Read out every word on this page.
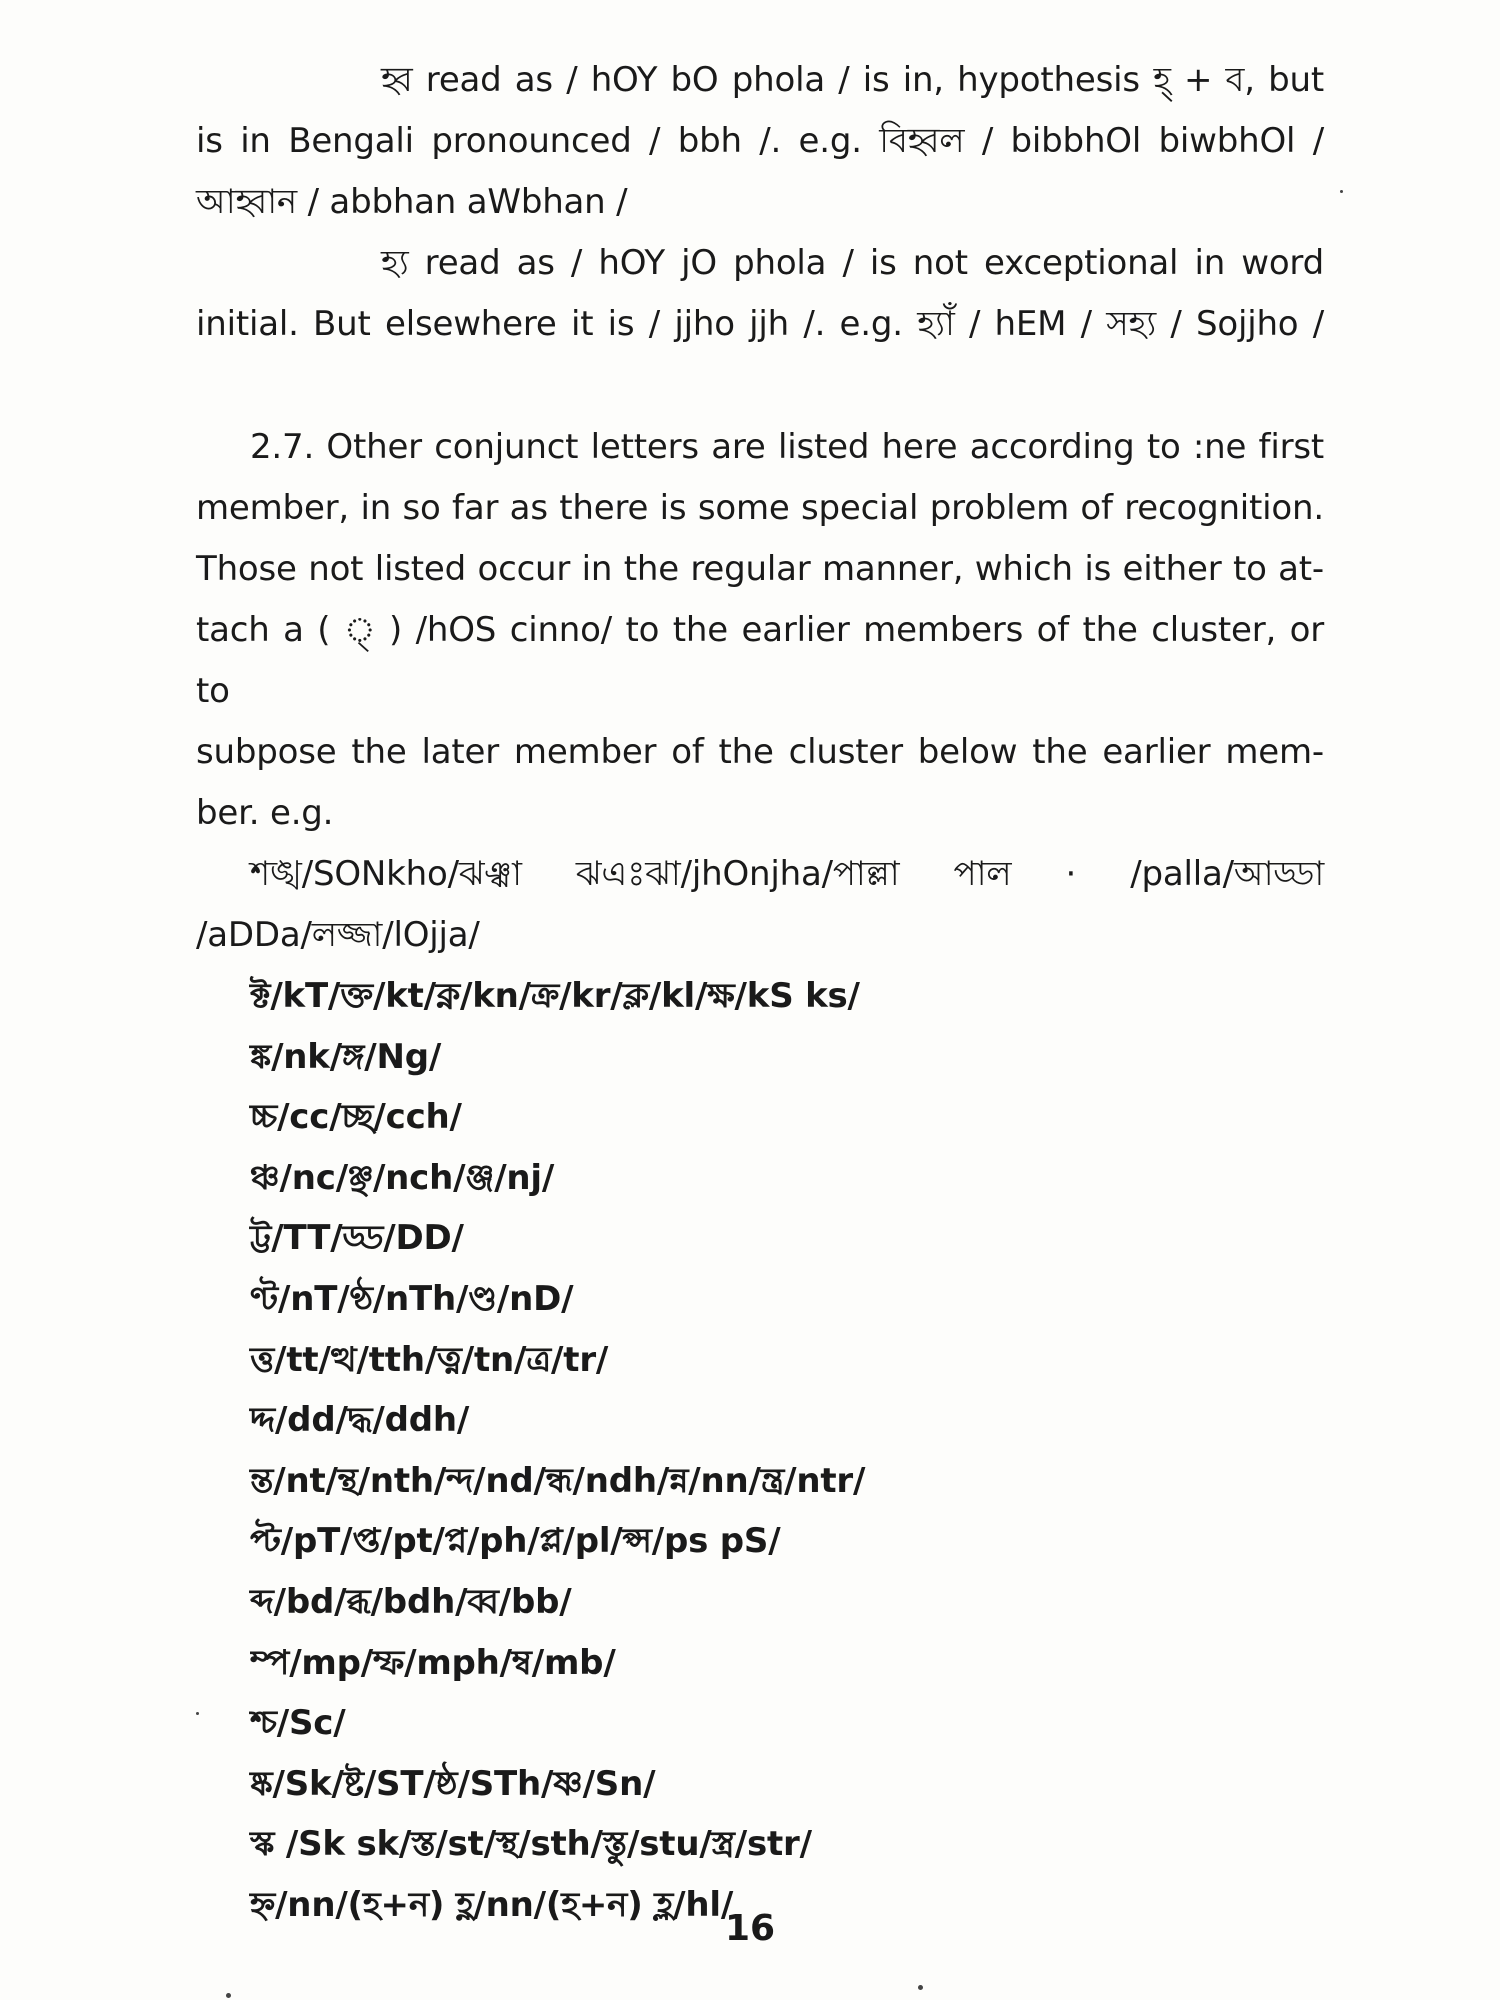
হ্ব read as / hOY bO phola / is in, hypothesis হ্ + ব, but
is in Bengali pronounced / bbh /. e.g. বিহ্বল / bibbhOl biwbhOl /
আহ্বান / abbhan aWbhan /
হ্য read as / hOY jO phola / is not exceptional in word
initial. But elsewhere it is / jjho jjh /. e.g. হ্যাঁ / hEM / সহ্য / Sojjho /
2.7. Other conjunct letters are listed here according to :ne first
member, in so far as there is some special problem of recognition.
Those not listed occur in the regular manner, which is either to at-
tach a ( ্ ) /hOS cinno/ to the earlier members of the cluster, or to
subpose the later member of the cluster below the earlier mem-
ber. e.g.
শঙ্খ/SONkho/ঝঞ্ঝা ঝএঃঝা/jhOnjha/পাল্লা পাল · /palla/আড্ডা
/aDDa/লজ্জা/lOjja/
ক্ট/kT/ক্ত/kt/ক্ন/kn/ক্র/kr/ক্ল/kl/ক্ষ/kS ks/
ঙ্ক/nk/ঙ্গ/Ng/
চ্চ/cc/চ্ছ/cch/
ঞ্চ/nc/ঞ্ছ/nch/ঞ্জ/nj/
ট্ট/TT/ড্ড/DD/
ণ্ট/nT/ণ্ঠ/nTh/ণ্ড/nD/
ত্ত/tt/ত্থ/tth/ত্ন/tn/ত্র/tr/
দ্দ/dd/দ্ধ/ddh/
ন্ত/nt/ন্থ/nth/ন্দ/nd/ন্ধ/ndh/ন্ন/nn/ন্ত্র/ntr/
প্ট/pT/প্ত/pt/প্ন/ph/প্ল/pl/প্স/ps pS/
ব্দ/bd/ব্ধ/bdh/ব্ব/bb/
ম্প/mp/ম্ফ/mph/ম্ব/mb/
শ্চ/Sc/
ষ্ক/Sk/ষ্ট/ST/ষ্ঠ/STh/ষ্ণ/Sn/
স্ক /Sk sk/স্ত/st/স্থ/sth/স্তু/stu/স্ত্র/str/
হ্ন/nn/(হ+ন) হ্ণ/nn/(হ+ন) হ্ল/hl/
16
